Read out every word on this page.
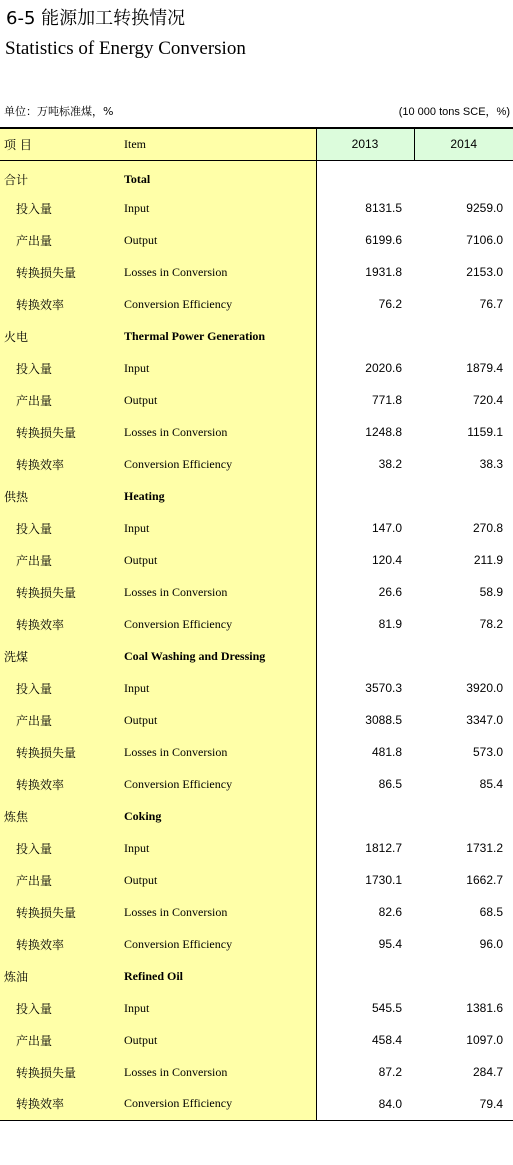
6-5 能源加工转换情况
Statistics of Energy Conversion
单位：万吨标准煤，%	(10 000 tons SCE，%)
项 目	Item	2013	2014
合计	Total		
投入量	Input	8131.5	9259.0
产出量	Output	6199.6	7106.0
转换损失量	Losses in Conversion	1931.8	2153.0
转换效率	Conversion Efficiency	76.2	76.7
火电	Thermal Power Generation		
投入量	Input	2020.6	1879.4
产出量	Output	771.8	720.4
转换损失量	Losses in Conversion	1248.8	1159.1
转换效率	Conversion Efficiency	38.2	38.3
供热	Heating		
投入量	Input	147.0	270.8
产出量	Output	120.4	211.9
转换损失量	Losses in Conversion	26.6	58.9
转换效率	Conversion Efficiency	81.9	78.2
洗煤	Coal Washing and Dressing		
投入量	Input	3570.3	3920.0
产出量	Output	3088.5	3347.0
转换损失量	Losses in Conversion	481.8	573.0
转换效率	Conversion Efficiency	86.5	85.4
炼焦	Coking		
投入量	Input	1812.7	1731.2
产出量	Output	1730.1	1662.7
转换损失量	Losses in Conversion	82.6	68.5
转换效率	Conversion Efficiency	95.4	96.0
炼油	Refined Oil		
投入量	Input	545.5	1381.6
产出量	Output	458.4	1097.0
转换损失量	Losses in Conversion	87.2	284.7
转换效率	Conversion Efficiency	84.0	79.4
